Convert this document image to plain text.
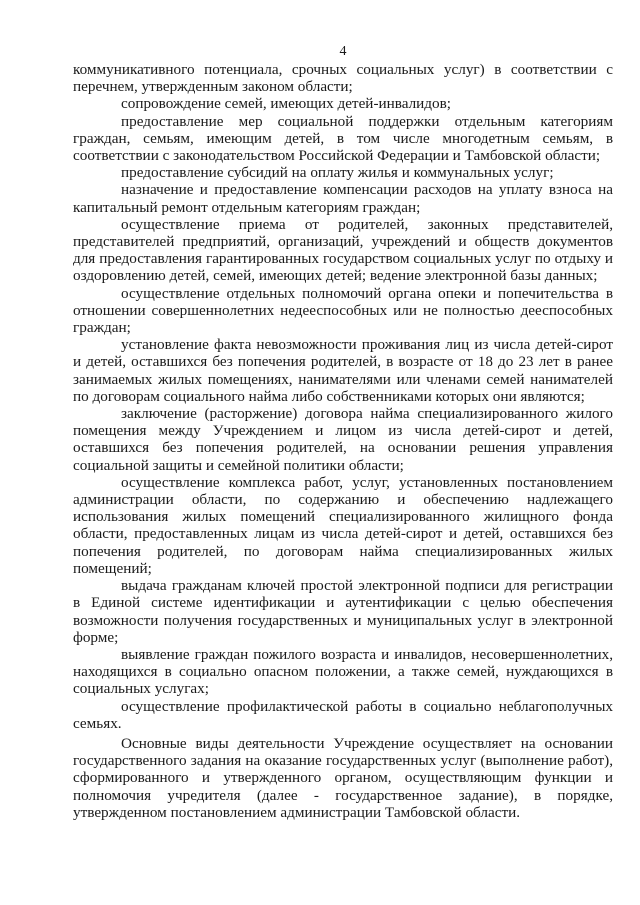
4

коммуникативного потенциала, срочных социальных услуг) в соответствии с перечнем, утвержденным законом области;

сопровождение семей, имеющих детей-инвалидов;

предоставление мер социальной поддержки отдельным категориям граждан, семьям, имеющим детей, в том числе многодетным семьям, в соответствии с законодательством Российской Федерации и Тамбовской области;

предоставление субсидий на оплату жилья и коммунальных услуг;

назначение и предоставление компенсации расходов на уплату взноса на капитальный ремонт отдельным категориям граждан;

осуществление приема от родителей, законных представителей, представителей предприятий, организаций, учреждений и обществ документов для предоставления гарантированных государством социальных услуг по отдыху и оздоровлению детей, семей, имеющих детей; ведение электронной базы данных;

осуществление отдельных полномочий органа опеки и попечительства в отношении совершеннолетних недееспособных или не полностью дееспособных граждан;

установление факта невозможности проживания лиц из числа детей-сирот и детей, оставшихся без попечения родителей, в возрасте от 18 до 23 лет в ранее занимаемых жилых помещениях, нанимателями или членами семей нанимателей по договорам социального найма либо собственниками которых они являются;

заключение (расторжение) договора найма специализированного жилого помещения между Учреждением и лицом из числа детей-сирот и детей, оставшихся без попечения родителей, на основании решения управления социальной защиты и семейной политики области;

осуществление комплекса работ, услуг, установленных постановлением администрации области, по содержанию и обеспечению надлежащего использования жилых помещений специализированного жилищного фонда области, предоставленных лицам из числа детей-сирот и детей, оставшихся без попечения родителей, по договорам найма специализированных жилых помещений;

выдача гражданам ключей простой электронной подписи для регистрации в Единой системе идентификации и аутентификации с целью обеспечения возможности получения государственных и муниципальных услуг в электронной форме;

выявление граждан пожилого возраста и инвалидов, несовершеннолетних, находящихся в социально опасном положении, а также семей, нуждающихся в социальных услугах;

осуществление профилактической работы в социально неблагополучных семьях.

Основные виды деятельности Учреждение осуществляет на основании государственного задания на оказание государственных услуг (выполнение работ), сформированного и утвержденного органом, осуществляющим функции и полномочия учредителя (далее - государственное задание), в порядке, утвержденном постановлением администрации Тамбовской области.
